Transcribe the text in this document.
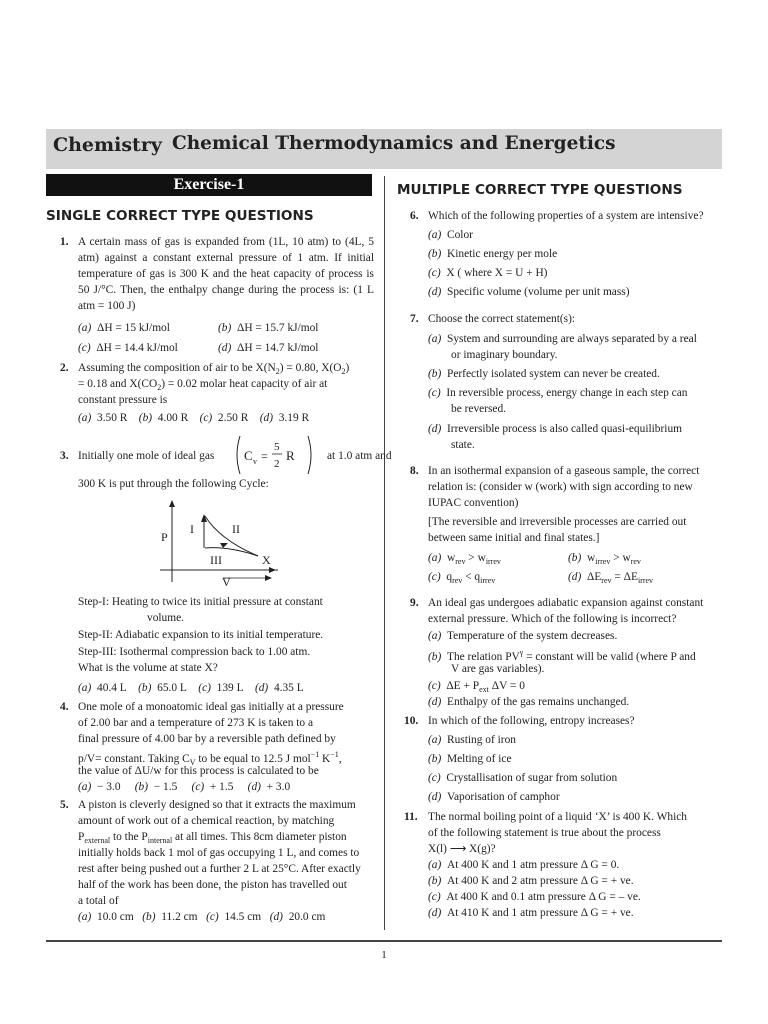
Chemistry Chemical Thermodynamics and Energetics
Exercise-1
SINGLE CORRECT TYPE QUESTIONS
MULTIPLE CORRECT TYPE QUESTIONS
1. A certain mass of gas is expanded from (1L, 10 atm) to (4L, 5 atm) against a constant external pressure of 1 atm. If initial temperature of gas is 300 K and the heat capacity of process is 50 J/°C. Then, the enthalpy change during the process is: (1 L atm = 100 J)
(a) ΔH = 15 kJ/mol	(b) ΔH = 15.7 kJ/mol
(c) ΔH = 14.4 kJ/mol	(d) ΔH = 14.7 kJ/mol
2. Assuming the composition of air to be $X(N_2) = 0.80$, $X(O_2)$
= 0.18 and $X(CO_2) = 0.02$ molar heat capacity of air at
constant pressure is
(a) 3.50 R (b) 4.00 R (c) 2.50 R (d) 3.19 R
3. Initially one mole of ideal gas C v =
5
2
R	at 1.0 atm and
300 K is put through the following Cycle:
P
V
I	II
III	X
Step-I: Heating to twice its initial pressure at constant
volume.
Step-II: Adiabatic expansion to its initial temperature.
Step-III: Isothermal compression back to 1.00 atm.
What is the volume at state X?
(a) 40.4 L (b) 65.0 L (c) 139 L (d) 4.35 L
4. One mole of a monoatomic ideal gas initially at a pressure
of 2.00 bar and a temperature of 273 K is taken to a
final pressure of 4.00 bar by a reversible path defined by
p/V= constant. Taking $C_V$ to be equal to 12.5 J mol$^{-1}$ $K^{-1}$,
the value of ΔU/w for this process is calculated to be
(a) − 3.0 (b) − 1.5 (c) + 1.5 (d) + 3.0
5. A piston is cleverly designed so that it extracts the maximum
amount of work out of a chemical reaction, by matching
$P_{external}$ to the $P_{internal}$ at all times. This 8cm diameter piston
initially holds back 1 mol of gas occupying 1 L, and comes to
rest after being pushed out a further 2 L at 25°C. After exactly
half of the work has been done, the piston has travelled out
a total of
(a) 10.0 cm (b) 11.2 cm (c) 14.5 cm (d) 20.0 cm
6. Which of the following properties of a system are intensive?
(a) Color
(b) Kinetic energy per mole
(c) X ( where X = U + H)
(d) Specific volume (volume per unit mass)
7. Choose the correct statement(s):
(a) System and surrounding are always separated by a real
or imaginary boundary.
(b) Perfectly isolated system can never be created.
(c) In reversible process, energy change in each step can
be reversed.
(d) Irreversible process is also called quasi-equilibrium
state.
8. In an isothermal expansion of a gaseous sample, the correct
relation is: (consider w (work) with sign according to new
IUPAC convention)
[The reversible and irreversible processes are carried out
between same initial and final states.]
(a) $w_{rev} > w_{irrev}$	(b) $w_{irrev} > w_{rev}$
(c) $q_{rev} < q_{irrev}$	(d) $\Delta E_{rev} = \Delta E_{irrev}$
9. An ideal gas undergoes adiabatic expansion against constant
external pressure. Which of the following is incorrect?
(a) Temperature of the system decreases.
(b) The relation $PV^\gamma$ = constant will be valid (where P and
V are gas variables).
(c) $\Delta E + P_{ext}$ ΔV = 0
(d) Enthalpy of the gas remains unchanged.
10. In which of the following, entropy increases?
(a) Rusting of iron
(b) Melting of ice
(c) Crystallisation of sugar from solution
(d) Vaporisation of camphor
11. The normal boiling point of a liquid ‘X’ is 400 K. Which
of the following statement is true about the process
X(l) ⟶ X(g)?
(a) At 400 K and 1 atm pressure Δ G = 0.
(b) At 400 K and 2 atm pressure Δ G = + ve.
(c) At 400 K and 0.1 atm pressure Δ G = – ve.
(d) At 410 K and 1 atm pressure Δ G = + ve.
1
